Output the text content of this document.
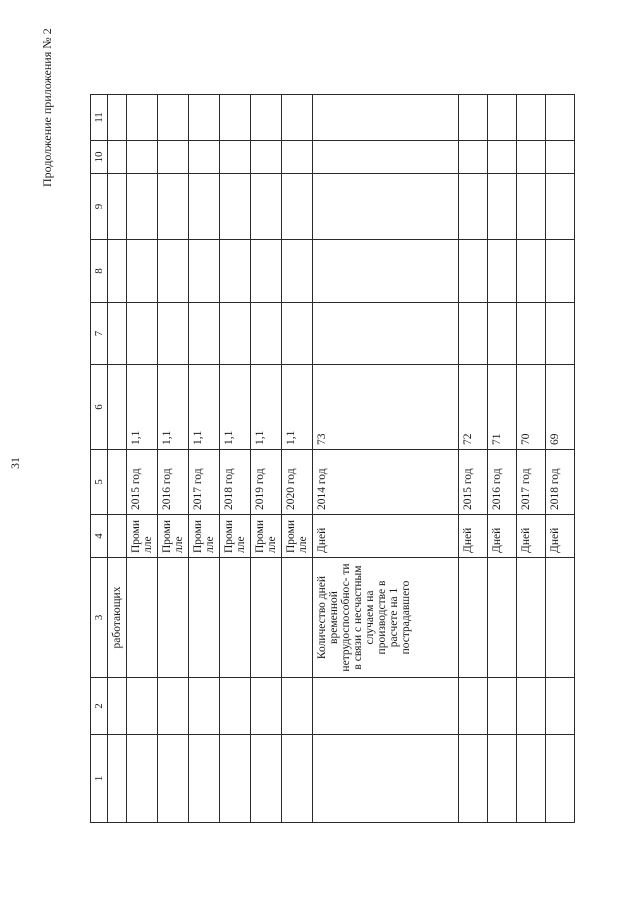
31
Продолжение приложения № 2
1	2	3	4	5	6	7	8	9	10	11

		работающих								

			Проми лле	2015 год	1,1					

			Проми лле	2016 год	1,1					

			Проми лле	2017 год	1,1					

			Проми лле	2018 год	1,1					

			Проми лле	2019 год	1,1					

			Проми лле	2020 год	1,1					

		Количество дней временной нетрудоспособнос- ти в связи с несчастным случаем на производстве в расчете на 1 пострадавшего	Дней	2014 год	73					

			Дней	2015 год	72					

			Дней	2016 год	71					

			Дней	2017 год	70					

			Дней	2018 год	69					
